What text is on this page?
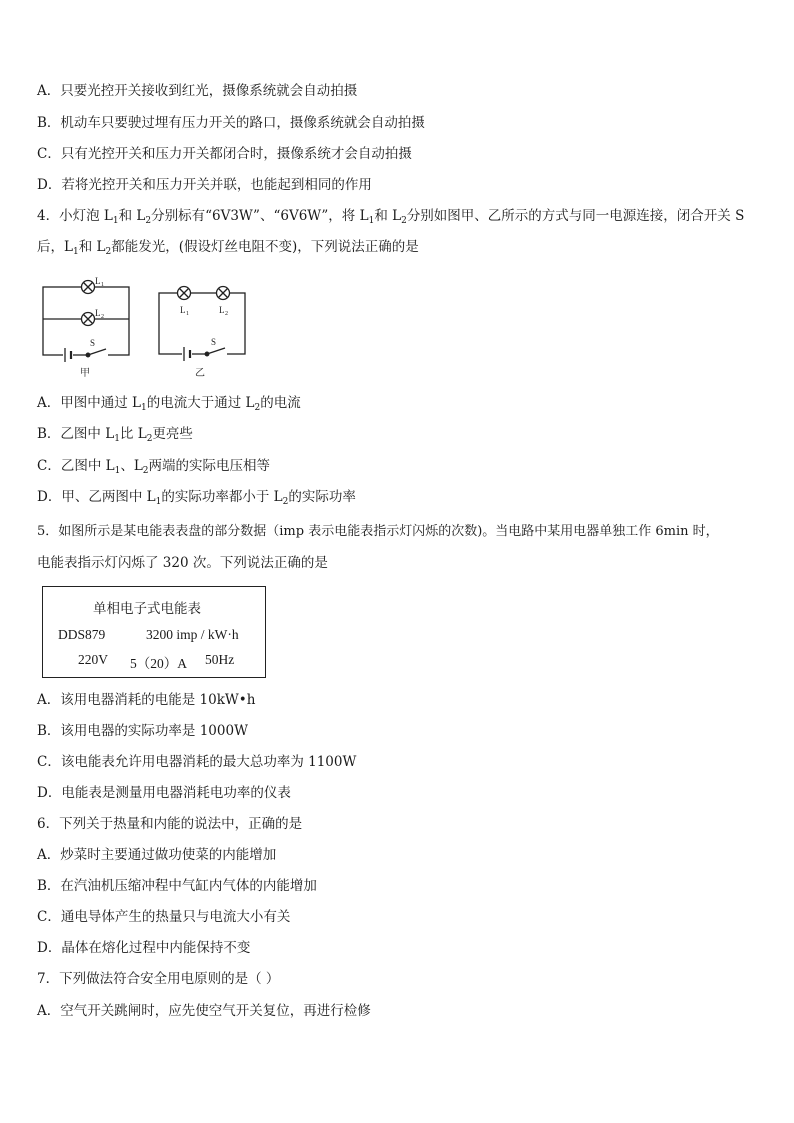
A．只要光控开关接收到红光，摄像系统就会自动拍摄
B．机动车只要驶过埋有压力开关的路口，摄像系统就会自动拍摄
C．只有光控开关和压力开关都闭合时，摄像系统才会自动拍摄
D．若将光控开关和压力开关并联，也能起到相同的作用
4．小灯泡 $L_1$和 $L_2$分别标有“6V3W”、“6V6W”，将 $L_1$和 $L_2$分别如图甲、乙所示的方式与同一电源连接，闭合开关 S
后，$L_1$和 $L_2$都能发光，(假设灯丝电阻不变)，下列说法正确的是
L 1
L 2
S
甲
L 1	L 2
S
乙
A．甲图中通过 $L_1$的电流大于通过 $L_2$的电流
B．乙图中 $L_1$比 $L_2$更亮些
C．乙图中 $L_1$、$L_2$两端的实际电压相等
D．甲、乙两图中 $L_1$的实际功率都小于 $L_2$的实际功率
5．如图所示是某电能表表盘的部分数据（imp 表示电能表指示灯闪烁的次数)。当电路中某用电器单独工作 6min 时，
电能表指示灯闪烁了 320 次。下列说法正确的是
单相电子式电能表
DDS879	3200 imp / kW·h
220V 5（20）A 50Hz
A．该用电器消耗的电能是 10kW•h
B．该用电器的实际功率是 1000W
C．该电能表允许用电器消耗的最大总功率为 1100W
D．电能表是测量用电器消耗电功率的仪表
6．下列关于热量和内能的说法中，正确的是
A．炒菜时主要通过做功使菜的内能增加
B．在汽油机压缩冲程中气缸内气体的内能增加
C．通电导体产生的热量只与电流大小有关
D．晶体在熔化过程中内能保持不变
7．下列做法符合安全用电原则的是（ ）
A．空气开关跳闸时，应先使空气开关复位，再进行检修
